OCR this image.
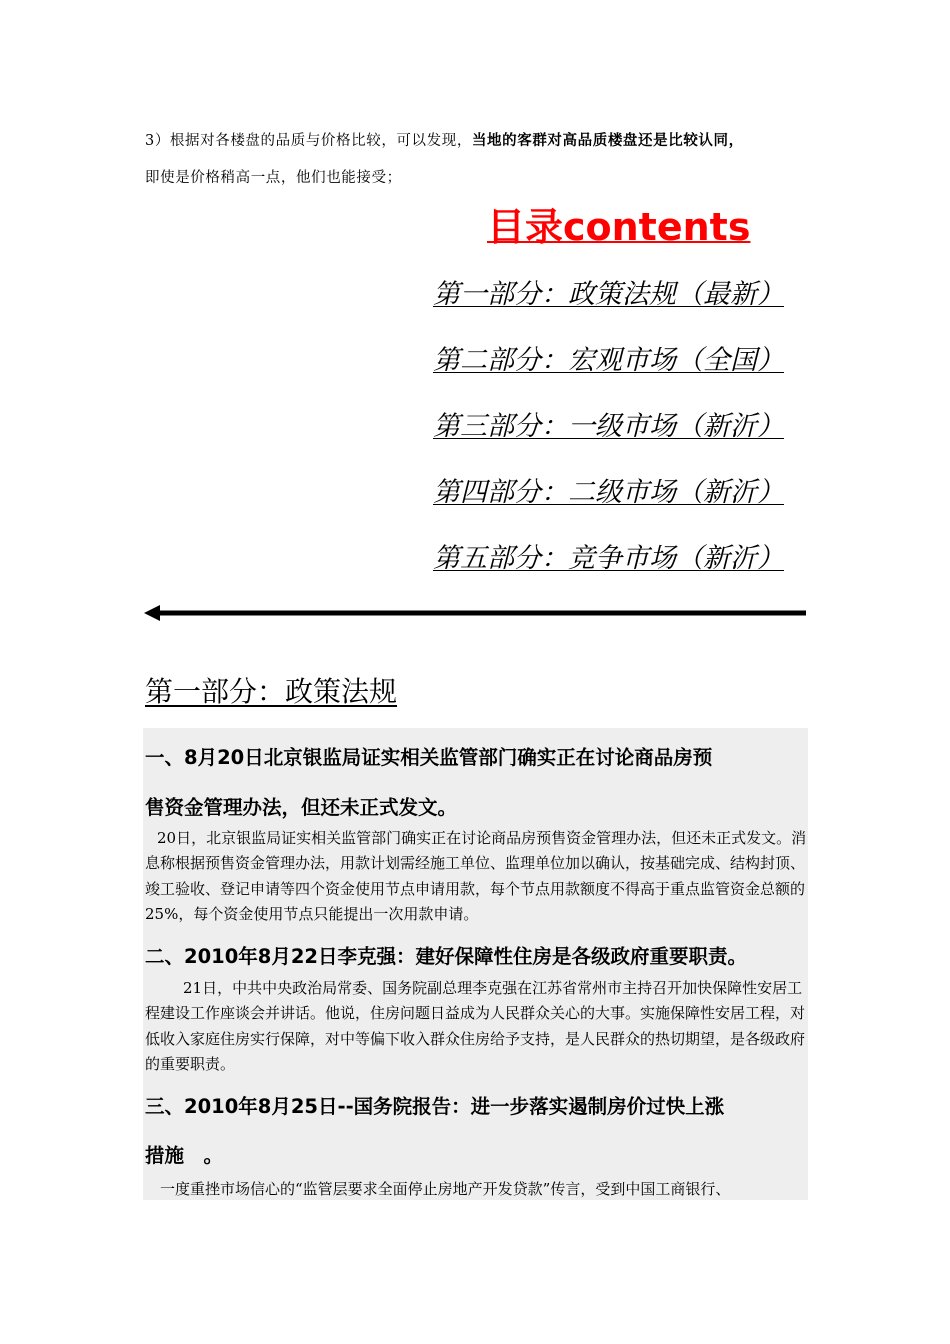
3）根据对各楼盘的品质与价格比较，可以发现，当地的客群对高品质楼盘还是比较认同，
即使是价格稍高一点，他们也能接受；
目录contents
第一部分：政策法规（最新）
第二部分：宏观市场（全国）
第三部分：一级市场（新沂）
第四部分：二级市场（新沂）
第五部分：竞争市场（新沂）
第一部分：政策法规
一、8月20日北京银监局证实相关监管部门确实正在讨论商品房预
售资金管理办法，但还未正式发文。
20日，北京银监局证实相关监管部门确实正在讨论商品房预售资金管理办法，但还未正式发文。消息称根据预售资金管理办法，用款计划需经施工单位、监理单位加以确认，按基础完成、结构封顶、竣工验收、登记申请等四个资金使用节点申请用款，每个节点用款额度不得高于重点监管资金总额的25%，每个资金使用节点只能提出一次用款申请。
二、2010年8月22日李克强：建好保障性住房是各级政府重要职责。
21日，中共中央政治局常委、国务院副总理李克强在江苏省常州市主持召开加快保障性安居工程建设工作座谈会并讲话。他说，住房问题日益成为人民群众关心的大事。实施保障性安居工程，对低收入家庭住房实行保障，对中等偏下收入群众住房给予支持，是人民群众的热切期望，是各级政府的重要职责。
三、2010年8月25日--国务院报告：进一步落实遏制房价过快上涨
措施　。
一度重挫市场信心的“监管层要求全面停止房地产开发贷款”传言，受到中国工商银行、
